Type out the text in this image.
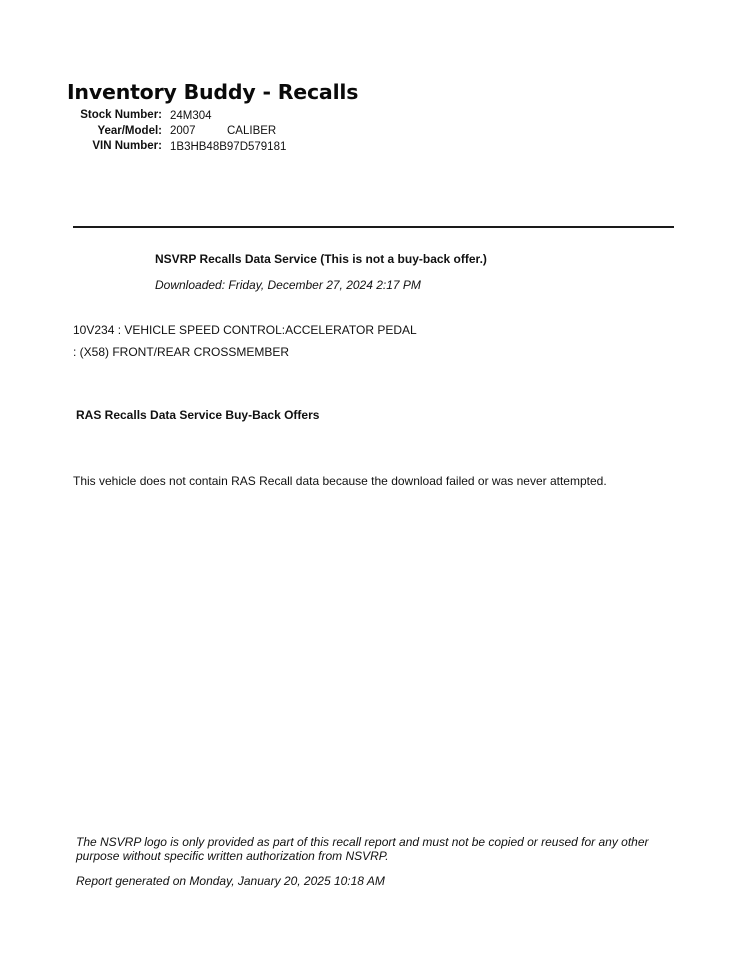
Inventory Buddy - Recalls
Stock Number: 24M304
Year/Model: 2007	CALIBER
VIN Number: 1B3HB48B97D579181
NSVRP Recalls Data Service (This is not a buy-back offer.)
Downloaded: Friday, December 27, 2024 2:17 PM
10V234 : VEHICLE SPEED CONTROL:ACCELERATOR PEDAL
: (X58) FRONT/REAR CROSSMEMBER
RAS Recalls Data Service Buy-Back Offers
This vehicle does not contain RAS Recall data because the download failed or was never attempted.
The NSVRP logo is only provided as part of this recall report and must not be copied or reused for any other purpose without specific written authorization from NSVRP.
Report generated on Monday, January 20, 2025 10:18 AM
